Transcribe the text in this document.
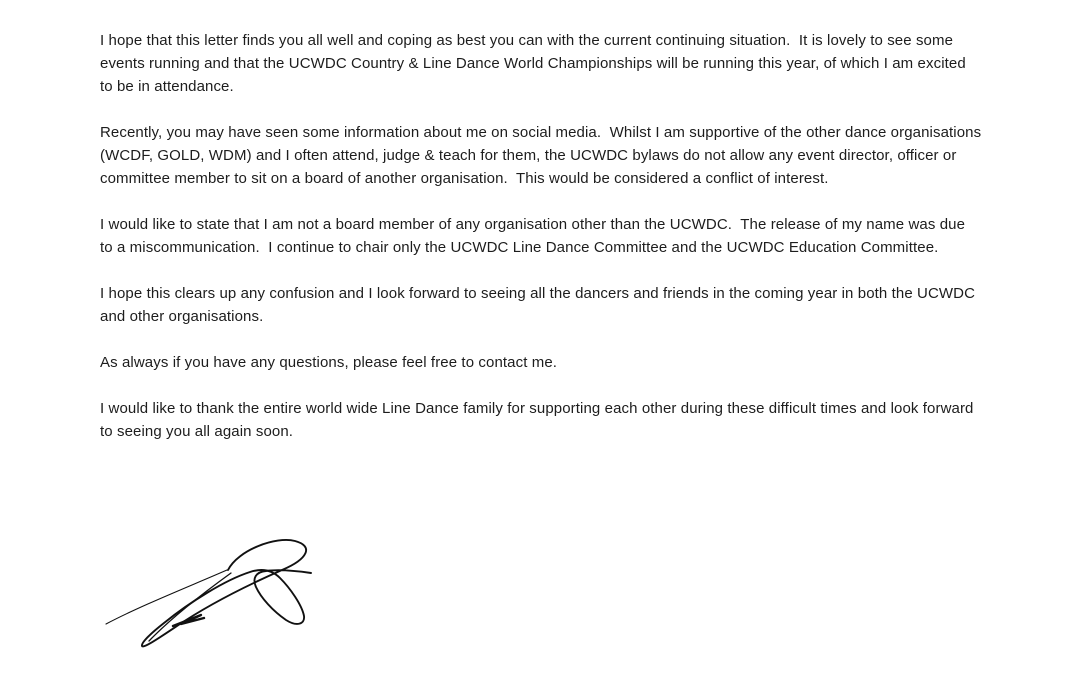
I hope that this letter finds you all well and coping as best you can with the current continuing situation.  It is lovely to see some events running and that the UCWDC Country & Line Dance World Championships will be running this year, of which I am excited to be in attendance.

Recently, you may have seen some information about me on social media.  Whilst I am supportive of the other dance organisations (WCDF, GOLD, WDM) and I often attend, judge & teach for them, the UCWDC bylaws do not allow any event director, officer or committee member to sit on a board of another organisation.  This would be considered a conflict of interest.

I would like to state that I am not a board member of any organisation other than the UCWDC.  The release of my name was due to a miscommunication.  I continue to chair only the UCWDC Line Dance Committee and the UCWDC Education Committee.

I hope this clears up any confusion and I look forward to seeing all the dancers and friends in the coming year in both the UCWDC and other organisations.

As always if you have any questions, please feel free to contact me.

I would like to thank the entire world wide Line Dance family for supporting each other during these difficult times and look forward to seeing you all again soon.
